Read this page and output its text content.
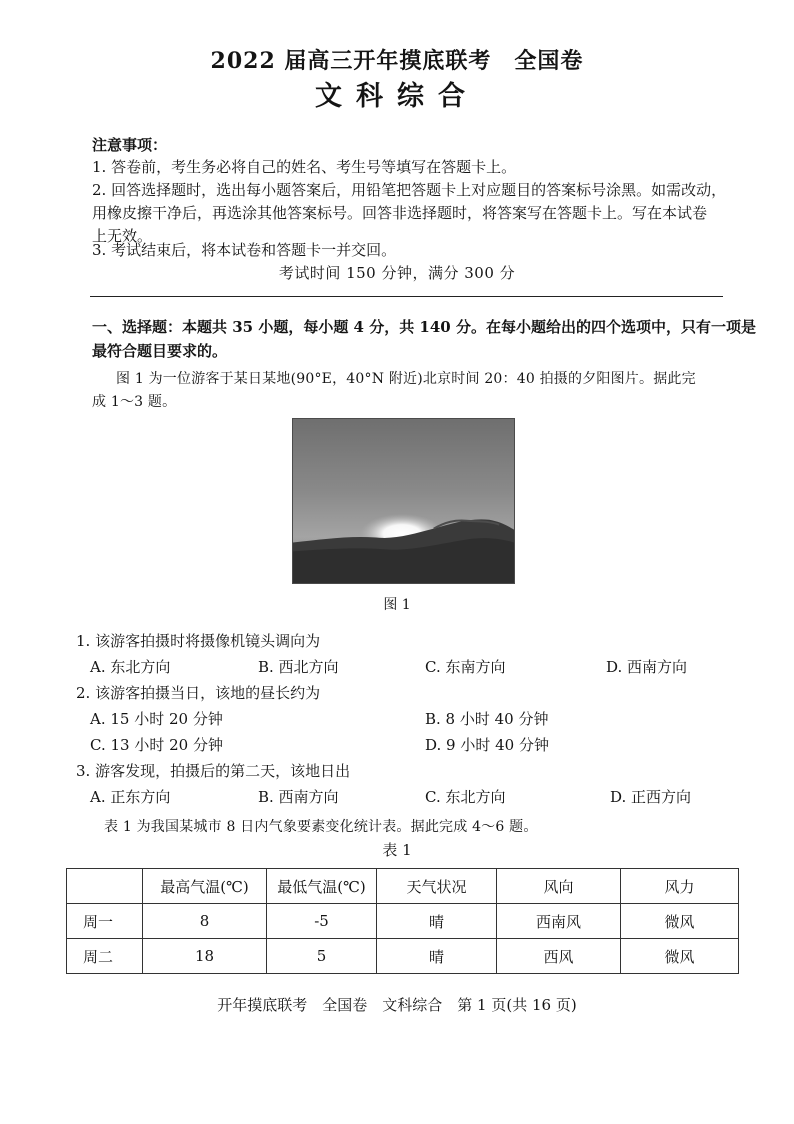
2022 届高三开年摸底联考　全国卷
文科综合
注意事项：
1. 答卷前，考生务必将自己的姓名、考生号等填写在答题卡上。
2. 回答选择题时，选出每小题答案后，用铅笔把答题卡上对应题目的答案标号涂黑。如需改动，
用橡皮擦干净后，再选涂其他答案标号。回答非选择题时，将答案写在答题卡上。写在本试卷
上无效。
3. 考试结束后，将本试卷和答题卡一并交回。
考试时间 150 分钟，满分 300 分
一、选择题：本题共 35 小题，每小题 4 分，共 140 分。在每小题给出的四个选项中，只有一项是
最符合题目要求的。
图 1 为一位游客于某日某地(90°E，40°N 附近)北京时间 20：40 拍摄的夕阳图片。据此完
成 1～3 题。
图 1
1. 该游客拍摄时将摄像机镜头调向为
A. 东北方向	B. 西北方向	C. 东南方向	D. 西南方向
2. 该游客拍摄当日，该地的昼长约为
A. 15 小时 20 分钟	B. 8 小时 40 分钟
C. 13 小时 20 分钟	D. 9 小时 40 分钟
3. 游客发现，拍摄后的第二天，该地日出
A. 正东方向	B. 西南方向	C. 东北方向	D. 正西方向
表 1 为我国某城市 8 日内气象要素变化统计表。据此完成 4～6 题。
表 1
	最高气温(℃)	最低气温(℃)	天气状况	风向	风力
周一	8	-5	晴	西南风	微风
周二	18	5	晴	西风	微风
开年摸底联考　全国卷　文科综合　第 1 页(共 16 页)
